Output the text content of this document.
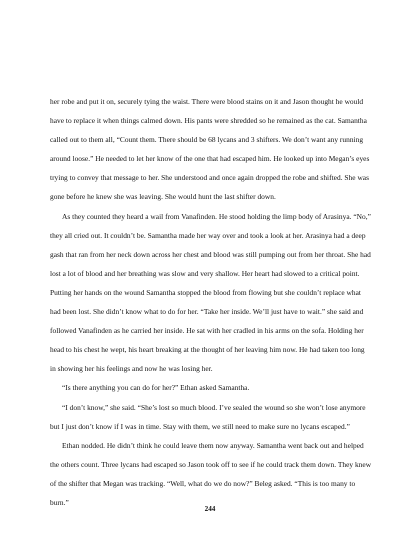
her robe and put it on, securely tying the waist. There were blood stains on it and Jason thought he would have to replace it when things calmed down. His pants were shredded so he remained as the cat. Samantha called out to them all, “Count them. There should be 68 lycans and 3 shifters. We don’t want any running around loose.” He needed to let her know of the one that had escaped him. He looked up into Megan’s eyes trying to convey that message to her. She understood and once again dropped the robe and shifted. She was gone before he knew she was leaving. She would hunt the last shifter down.

As they counted they heard a wail from Vanafinden. He stood holding the limp body of Arasinya. “No,” they all cried out. It couldn’t be. Samantha made her way over and took a look at her. Arasinya had a deep gash that ran from her neck down across her chest and blood was still pumping out from her throat. She had lost a lot of blood and her breathing was slow and very shallow. Her heart had slowed to a critical point. Putting her hands on the wound Samantha stopped the blood from flowing but she couldn’t replace what had been lost. She didn’t know what to do for her. “Take her inside. We’ll just have to wait.” she said and followed Vanafinden as he carried her inside. He sat with her cradled in his arms on the sofa. Holding her head to his chest he wept, his heart breaking at the thought of her leaving him now. He had taken too long in showing her his feelings and now he was losing her.

“Is there anything you can do for her?” Ethan asked Samantha.

“I don’t know,” she said. “She’s lost so much blood. I’ve sealed the wound so she won’t lose anymore but I just don’t know if I was in time. Stay with them, we still need to make sure no lycans escaped.”

Ethan nodded. He didn’t think he could leave them now anyway. Samantha went back out and helped the others count. Three lycans had escaped so Jason took off to see if he could track them down. They knew of the shifter that Megan was tracking. “Well, what do we do now?” Beleg asked. “This is too many to burn.”

244
